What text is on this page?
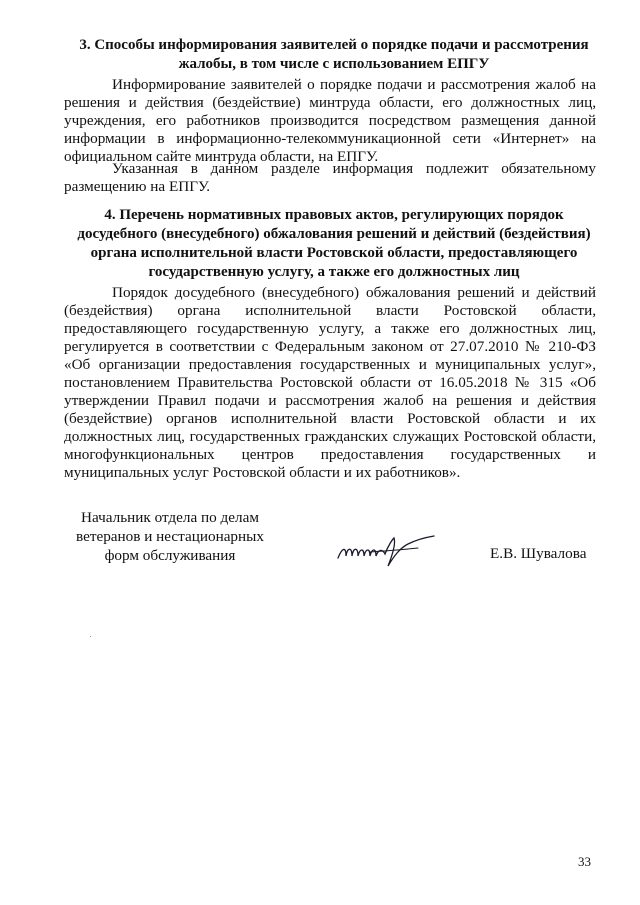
3. Способы информирования заявителей о порядке подачи и рассмотрения жалобы, в том числе с использованием ЕПГУ

Информирование заявителей о порядке подачи и рассмотрения жалоб на решения и действия (бездействие) минтруда области, его должностных лиц, учреждения, его работников производится посредством размещения данной информации в информационно-телекоммуникационной сети «Интернет» на официальном сайте минтруда области, на ЕПГУ.

Указанная в данном разделе информация подлежит обязательному размещению на ЕПГУ.

4. Перечень нормативных правовых актов, регулирующих порядок досудебного (внесудебного) обжалования решений и действий (бездействия) органа исполнительной власти Ростовской области, предоставляющего государственную услугу, а также его должностных лиц

Порядок досудебного (внесудебного) обжалования решений и действий (бездействия) органа исполнительной власти Ростовской области, предоставляющего государственную услугу, а также его должностных лиц, регулируется в соответствии с Федеральным законом от 27.07.2010 № 210-ФЗ «Об организации предоставления государственных и муниципальных услуг», постановлением Правительства Ростовской области от 16.05.2018 № 315 «Об утверждении Правил подачи и рассмотрения жалоб на решения и действия (бездействие) органов исполнительной власти Ростовской области и их должностных лиц, государственных гражданских служащих Ростовской области, многофункциональных центров предоставления государственных и муниципальных услуг Ростовской области и их работников».

Начальник отдела по делам
ветеранов и нестационарных
форм обслуживания	Е.В. Шувалова
33
